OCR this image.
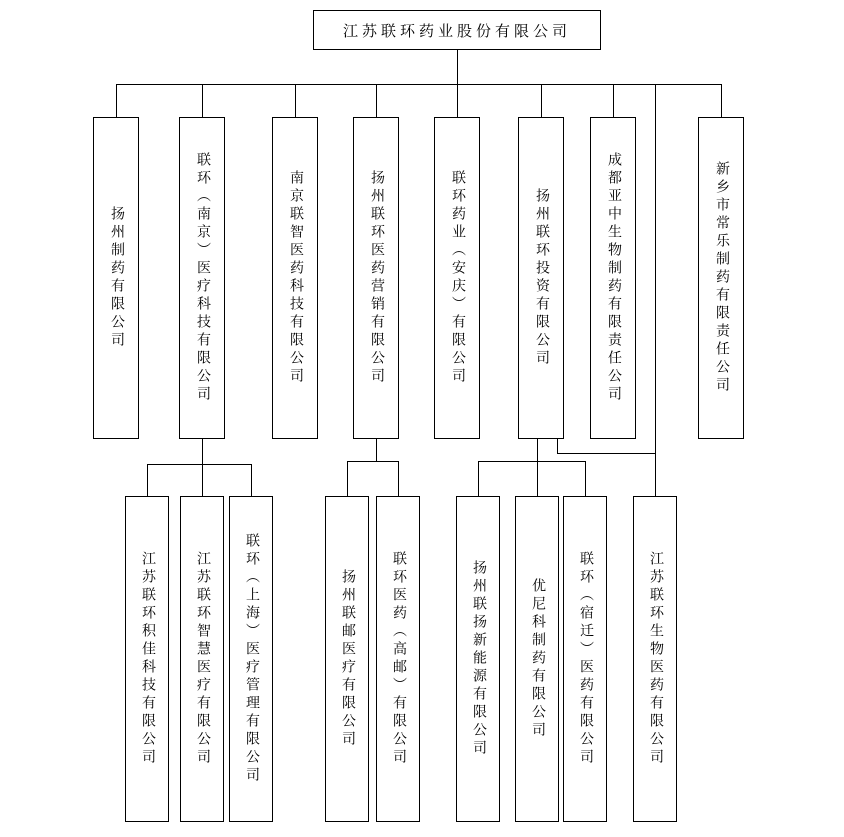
江苏联环药业股份有限公司
扬州制药有限公司	联环（南京）医疗科技有限公司	南京联智医药科技有限公司	扬州联环医药营销有限公司	联环药业（安庆）有限公司	扬州联环投资有限公司	成都亚中生物制药有限责任公司	新乡市常乐制药有限责任公司
江苏联环积佳科技有限公司	江苏联环智慧医疗有限公司 联环（上海）医疗管理有限公司	扬州联邮医疗有限公司	联环医药（高邮）有限公司	扬州联扬新能源有限公司	优尼科制药有限公司 联环（宿迁）医药有限公司	江苏联环生物医药有限公司
